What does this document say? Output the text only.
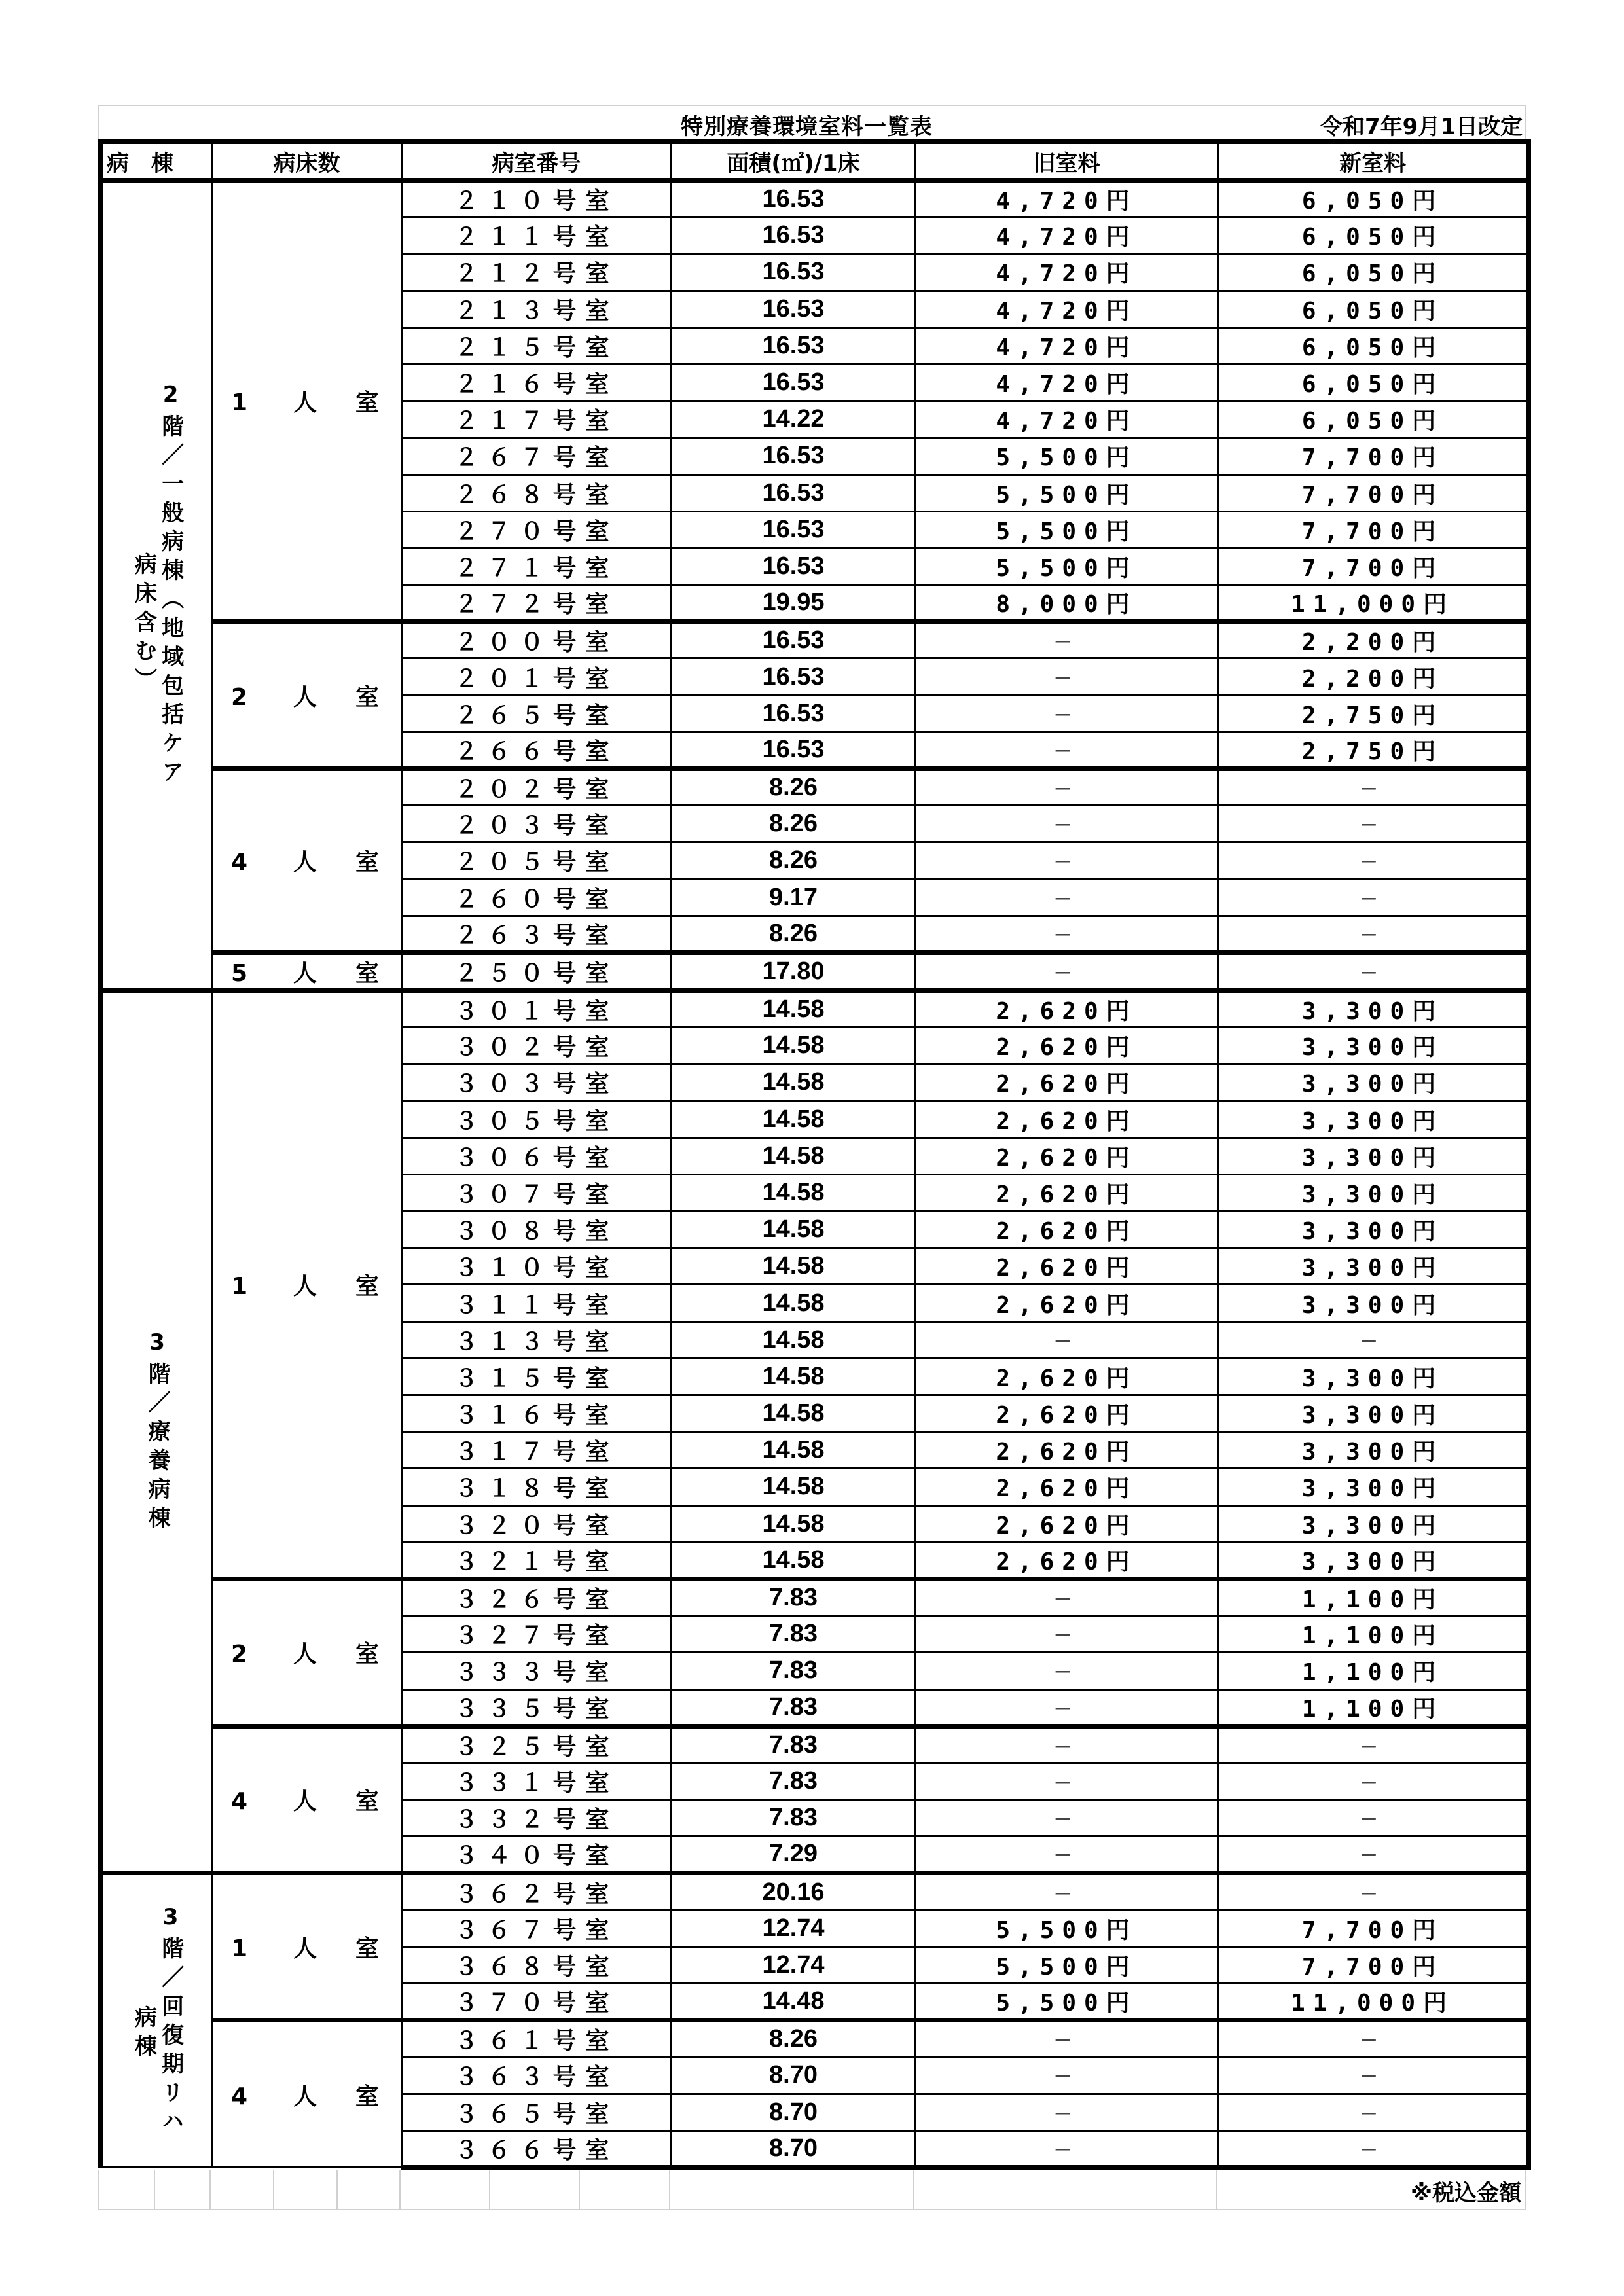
特別療養環境室料一覧表	令和7年9月1日改定
病　棟	病床数	病室番号	面積(㎡)/1床	旧室料	新室料

病床含む） 2階／一般病棟（地域包括ケア	1 人 室	２１０号室	16.53	4,720円	6,050円
		２１１号室	16.53	4,720円	6,050円
		２１２号室	16.53	4,720円	6,050円
		２１３号室	16.53	4,720円	6,050円
		２１５号室	16.53	4,720円	6,050円
		２１６号室	16.53	4,720円	6,050円
		２１７号室	14.22	4,720円	6,050円
		２６７号室	16.53	5,500円	7,700円
		２６８号室	16.53	5,500円	7,700円
		２７０号室	16.53	5,500円	7,700円
		２７１号室	16.53	5,500円	7,700円
		２７２号室	19.95	8,000円	11,000円
	2 人 室	２００号室	16.53	―	2,200円
		２０１号室	16.53	―	2,200円
		２６５号室	16.53	―	2,750円
		２６６号室	16.53	―	2,750円
	4 人 室	２０２号室	8.26	―	―
		２０３号室	8.26	―	―
		２０５号室	8.26	―	―
		２６０号室	9.17	―	―
		２６３号室	8.26	―	―
	5 人 室	２５０号室	17.80	―	―

3階／療養病棟	1 人 室	３０１号室	14.58	2,620円	3,300円
		３０２号室	14.58	2,620円	3,300円
		３０３号室	14.58	2,620円	3,300円
		３０５号室	14.58	2,620円	3,300円
		３０６号室	14.58	2,620円	3,300円
		３０７号室	14.58	2,620円	3,300円
		３０８号室	14.58	2,620円	3,300円
		３１０号室	14.58	2,620円	3,300円
		３１１号室	14.58	2,620円	3,300円
		３１３号室	14.58	―	―
		３１５号室	14.58	2,620円	3,300円
		３１６号室	14.58	2,620円	3,300円
		３１７号室	14.58	2,620円	3,300円
		３１８号室	14.58	2,620円	3,300円
		３２０号室	14.58	2,620円	3,300円
		３２１号室	14.58	2,620円	3,300円
	2 人 室	３２６号室	7.83	―	1,100円
		３２７号室	7.83	―	1,100円
		３３３号室	7.83	―	1,100円
		３３５号室	7.83	―	1,100円
	4 人 室	３２５号室	7.83	―	―
		３３１号室	7.83	―	―
		３３２号室	7.83	―	―
		３４０号室	7.29	―	―

病棟 3階／回復期リハ	1 人 室	３６２号室	20.16	―	―
		３６７号室	12.74	5,500円	7,700円
		３６８号室	12.74	5,500円	7,700円
		３７０号室	14.48	5,500円	11,000円
	4 人 室	３６１号室	8.26	―	―
		３６３号室	8.70	―	―
		３６５号室	8.70	―	―
		３６６号室	8.70	―	―
※税込金額
